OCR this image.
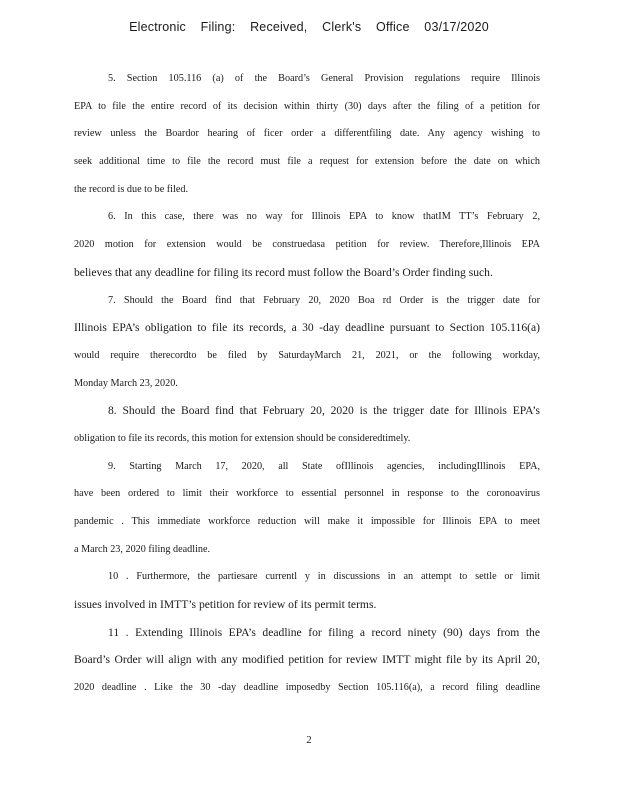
Electronic Filing: Received, Clerk's Office 03/17/2020
5. Section 105.116 (a) of the Board’s General Provision regulations require Illinois
EPA to file the entire record of its decision within thirty (30) days after the filing of a petition for
review unless the Boardor hearing of ficer order a differentfiling date. Any agency wishing to
seek additional time to file the record must file a request for extension before the date on which
the record is due to be filed.
6. In this case, there was no way for Illinois EPA to know thatIM TT’s February 2,
2020 motion for extension would be construedasa petition for review. Therefore,Illinois EPA
believes that any deadline for filing its record must follow the Board’s Order finding such.
7. Should the Board find that February 20, 2020 Boa rd Order is the trigger date for
Illinois EPA’s obligation to file its records, a 30 -day deadline pursuant to Section 105.116(a)
would require therecordto be filed by SaturdayMarch 21, 2021, or the following workday,
Monday March 23, 2020.
8. Should the Board find that February 20, 2020 is the trigger date for Illinois EPA’s
obligation to file its records, this motion for extension should be consideredtimely.
9. Starting March 17, 2020, all State ofIllinois agencies, includingIllinois EPA,
have been ordered to limit their workforce to essential personnel in response to the coronoavirus
pandemic . This immediate workforce reduction will make it impossible for Illinois EPA to meet
a March 23, 2020 filing deadline.
10 . Furthermore, the partiesare currentl y in discussions in an attempt to settle or limit
issues involved in IMTT’s petition for review of its permit terms.
11 . Extending Illinois EPA’s deadline for filing a record ninety (90) days from the
Board’s Order will align with any modified petition for review IMTT might file by its April 20,
2020 deadline . Like the 30 -day deadline imposedby Section 105.116(a), a record filing deadline
2
